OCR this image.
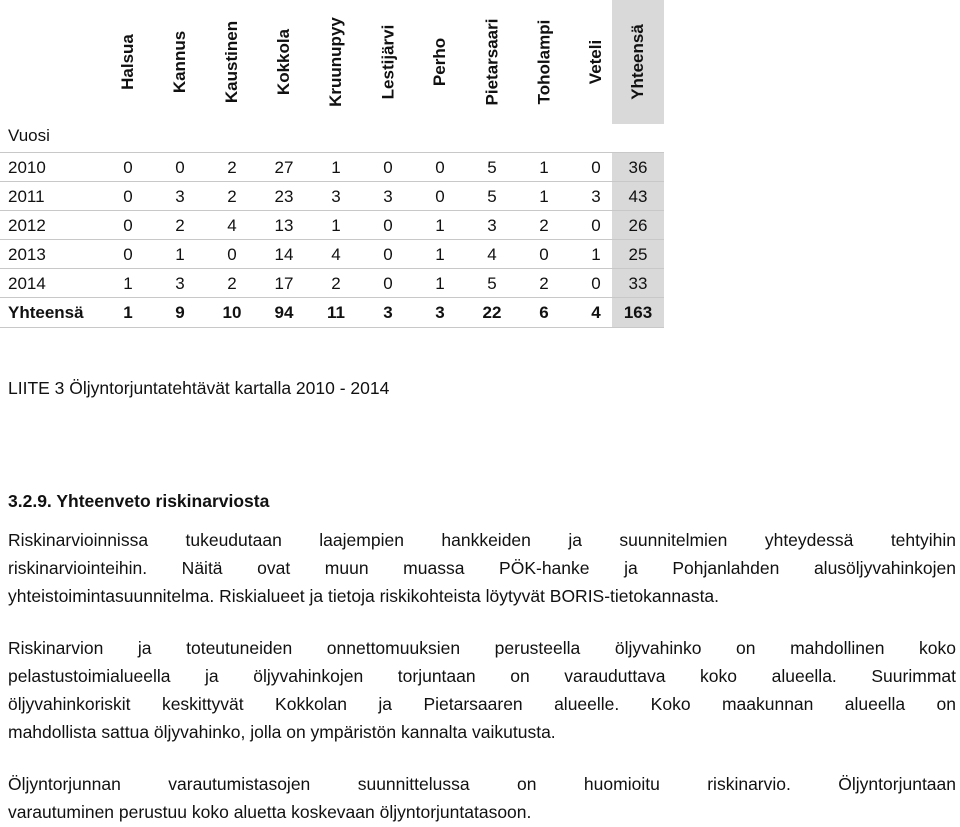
Halsua Kannus Kaustinen Kokkola Kruunupyy Lestijärvi Perho Pietarsaari Toholampi Veteli Yhteensä
Vuosi
2010	0	0	2	27	1	0	0	5	1	0	36
2011	0	3	2	23	3	3	0	5	1	3	43
2012	0	2	4	13	1	0	1	3	2	0	26
2013	0	1	0	14	4	0	1	4	0	1	25
2014	1	3	2	17	2	0	1	5	2	0	33
Yhteensä	1	9	10	94	11	3	3	22	6	4	163
LIITE 3 Öljyntorjuntatehtävät kartalla 2010 - 2014
3.2.9. Yhteenveto riskinarviosta

Riskinarvioinnissa tukeudutaan laajempien hankkeiden ja suunnitelmien yhteydessä tehtyihin
riskinarviointeihin. Näitä ovat muun muassa PÖK-hanke ja Pohjanlahden alusöljyvahinkojen
yhteistoimintasuunnitelma. Riskialueet ja tietoja riskikohteista löytyvät BORIS-tietokannasta.

Riskinarvion ja toteutuneiden onnettomuuksien perusteella öljyvahinko on mahdollinen koko
pelastustoimialueella ja öljyvahinkojen torjuntaan on varauduttava koko alueella. Suurimmat
öljyvahinkoriskit keskittyvät Kokkolan ja Pietarsaaren alueelle. Koko maakunnan alueella on
mahdollista sattua öljyvahinko, jolla on ympäristön kannalta vaikutusta.

Öljyntorjunnan varautumistasojen suunnittelussa on huomioitu riskinarvio. Öljyntorjuntaan
varautuminen perustuu koko aluetta koskevaan öljyntorjuntatasoon.
